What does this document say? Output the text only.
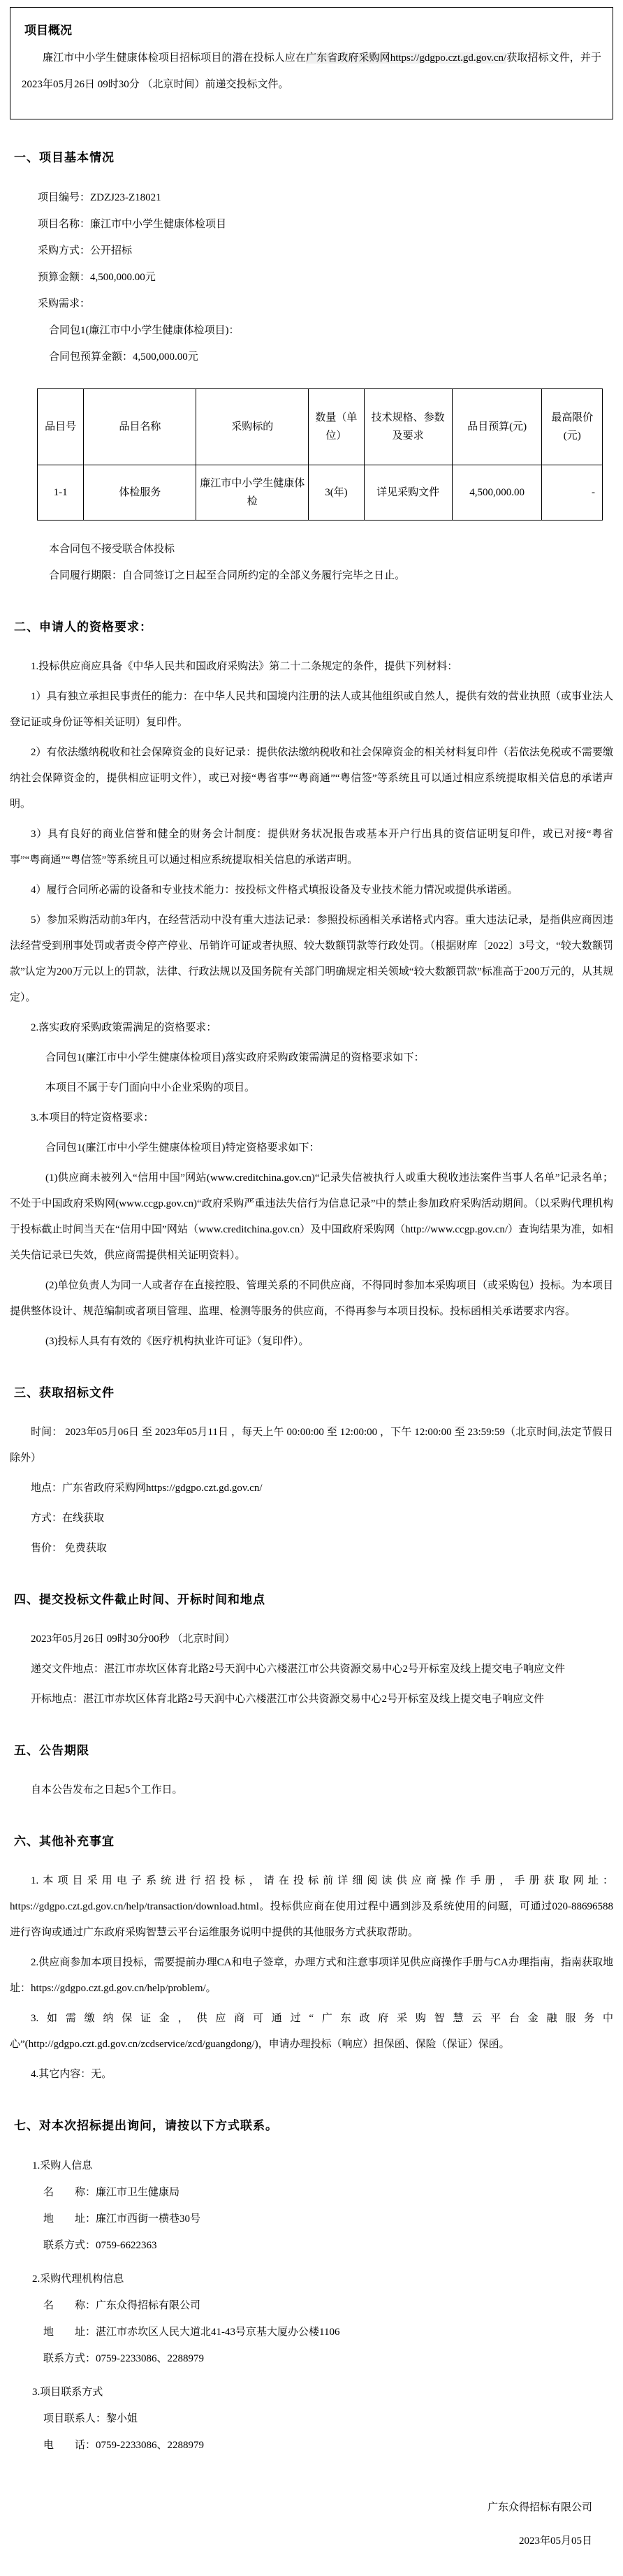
项目概况

廉江市中小学生健康体检项目招标项目的潜在投标人应在广东省政府采购网https://gdgpo.czt.gd.gov.cn/获取招标文件，并于 2023年05月26日 09时30分 （北京时间）前递交投标文件。

一、项目基本情况
项目编号：ZDZJ23-Z18021
项目名称：廉江市中小学生健康体检项目
采购方式：公开招标
预算金额：4,500,000.00元
采购需求：
合同包1(廉江市中小学生健康体检项目)：
合同包预算金额：4,500,000.00元
品目号	品目名称	采购标的	数量（单位）	技术规格、参数及要求	品目预算(元)	最高限价(元)
1-1	体检服务	廉江市中小学生健康体检	3(年)	详见采购文件	4,500,000.00	-
本合同包不接受联合体投标
合同履行期限：自合同签订之日起至合同所约定的全部义务履行完毕之日止。
二、申请人的资格要求：

1.投标供应商应具备《中华人民共和国政府采购法》第二十二条规定的条件，提供下列材料：

1）具有独立承担民事责任的能力：在中华人民共和国境内注册的法人或其他组织或自然人，提供有效的营业执照（或事业法人登记证或身份证等相关证明）复印件。

2）有依法缴纳税收和社会保障资金的良好记录：提供依法缴纳税收和社会保障资金的相关材料复印件（若依法免税或不需要缴纳社会保障资金的，提供相应证明文件），或已对接“粤省事”“粤商通”“粤信签”等系统且可以通过相应系统提取相关信息的承诺声明。

3）具有良好的商业信誉和健全的财务会计制度：提供财务状况报告或基本开户行出具的资信证明复印件，或已对接“粤省事”“粤商通”“粤信签”等系统且可以通过相应系统提取相关信息的承诺声明。

4）履行合同所必需的设备和专业技术能力：按投标文件格式填报设备及专业技术能力情况或提供承诺函。

5）参加采购活动前3年内，在经营活动中没有重大违法记录：参照投标函相关承诺格式内容。重大违法记录，是指供应商因违法经营受到刑事处罚或者责令停产停业、吊销许可证或者执照、较大数额罚款等行政处罚。（根据财库〔2022〕3号文，“较大数额罚款”认定为200万元以上的罚款，法律、行政法规以及国务院有关部门明确规定相关领域“较大数额罚款”标准高于200万元的，从其规定）。

2.落实政府采购政策需满足的资格要求：

合同包1(廉江市中小学生健康体检项目)落实政府采购政策需满足的资格要求如下：

本项目不属于专门面向中小企业采购的项目。

3.本项目的特定资格要求：

合同包1(廉江市中小学生健康体检项目)特定资格要求如下：

(1)供应商未被列入“信用中国”网站(www.creditchina.gov.cn)“记录失信被执行人或重大税收违法案件当事人名单”记录名单；不处于中国政府采购网(www.ccgp.gov.cn)“政府采购严重违法失信行为信息记录”中的禁止参加政府采购活动期间。（以采购代理机构于投标截止时间当天在“信用中国”网站（www.creditchina.gov.cn）及中国政府采购网（http://www.ccgp.gov.cn/）查询结果为准，如相关失信记录已失效，供应商需提供相关证明资料）。

(2)单位负责人为同一人或者存在直接控股、管理关系的不同供应商，不得同时参加本采购项目（或采购包）投标。为本项目提供整体设计、规范编制或者项目管理、监理、检测等服务的供应商，不得再参与本项目投标。投标函相关承诺要求内容。

(3)投标人具有有效的《医疗机构执业许可证》（复印件）。

三、获取招标文件

时间： 2023年05月06日 至 2023年05月11日 ，每天上午 00:00:00 至 12:00:00 ，下午 12:00:00 至 23:59:59（北京时间,法定节假日除外）

地点：广东省政府采购网https://gdgpo.czt.gd.gov.cn/

方式：在线获取

售价： 免费获取

四、提交投标文件截止时间、开标时间和地点

2023年05月26日 09时30分00秒 （北京时间）

递交文件地点：湛江市赤坎区体育北路2号天润中心六楼湛江市公共资源交易中心2号开标室及线上提交电子响应文件

开标地点：湛江市赤坎区体育北路2号天润中心六楼湛江市公共资源交易中心2号开标室及线上提交电子响应文件

五、公告期限

自本公告发布之日起5个工作日。

六、其他补充事宜

1.本项目采用电子系统进行招投标，请在投标前详细阅读供应商操作手册，手册获取网址：https://gdgpo.czt.gd.gov.cn/help/transaction/download.html。投标供应商在使用过程中遇到涉及系统使用的问题，可通过020-88696588 进行咨询或通过广东政府采购智慧云平台运维服务说明中提供的其他服务方式获取帮助。

2.供应商参加本项目投标，需要提前办理CA和电子签章，办理方式和注意事项详见供应商操作手册与CA办理指南，指南获取地址：https://gdgpo.czt.gd.gov.cn/help/problem/。

3.如需缴纳保证金，供应商可通过“广东政府采购智慧云平台金融服务中心”(http://gdgpo.czt.gd.gov.cn/zcdservice/zcd/guangdong/)，申请办理投标（响应）担保函、保险（保证）保函。

4.其它内容：无。

七、对本次招标提出询问，请按以下方式联系。
1.采购人信息
名　　称：廉江市卫生健康局
地　　址：廉江市西街一横巷30号
联系方式：0759-6622363
2.采购代理机构信息
名　　称：广东众得招标有限公司
地　　址：湛江市赤坎区人民大道北41-43号京基大厦办公楼1106
联系方式：0759-2233086、2288979
3.项目联系方式
项目联系人：黎小姐
电　　话：0759-2233086、2288979
广东众得招标有限公司
2023年05月05日
